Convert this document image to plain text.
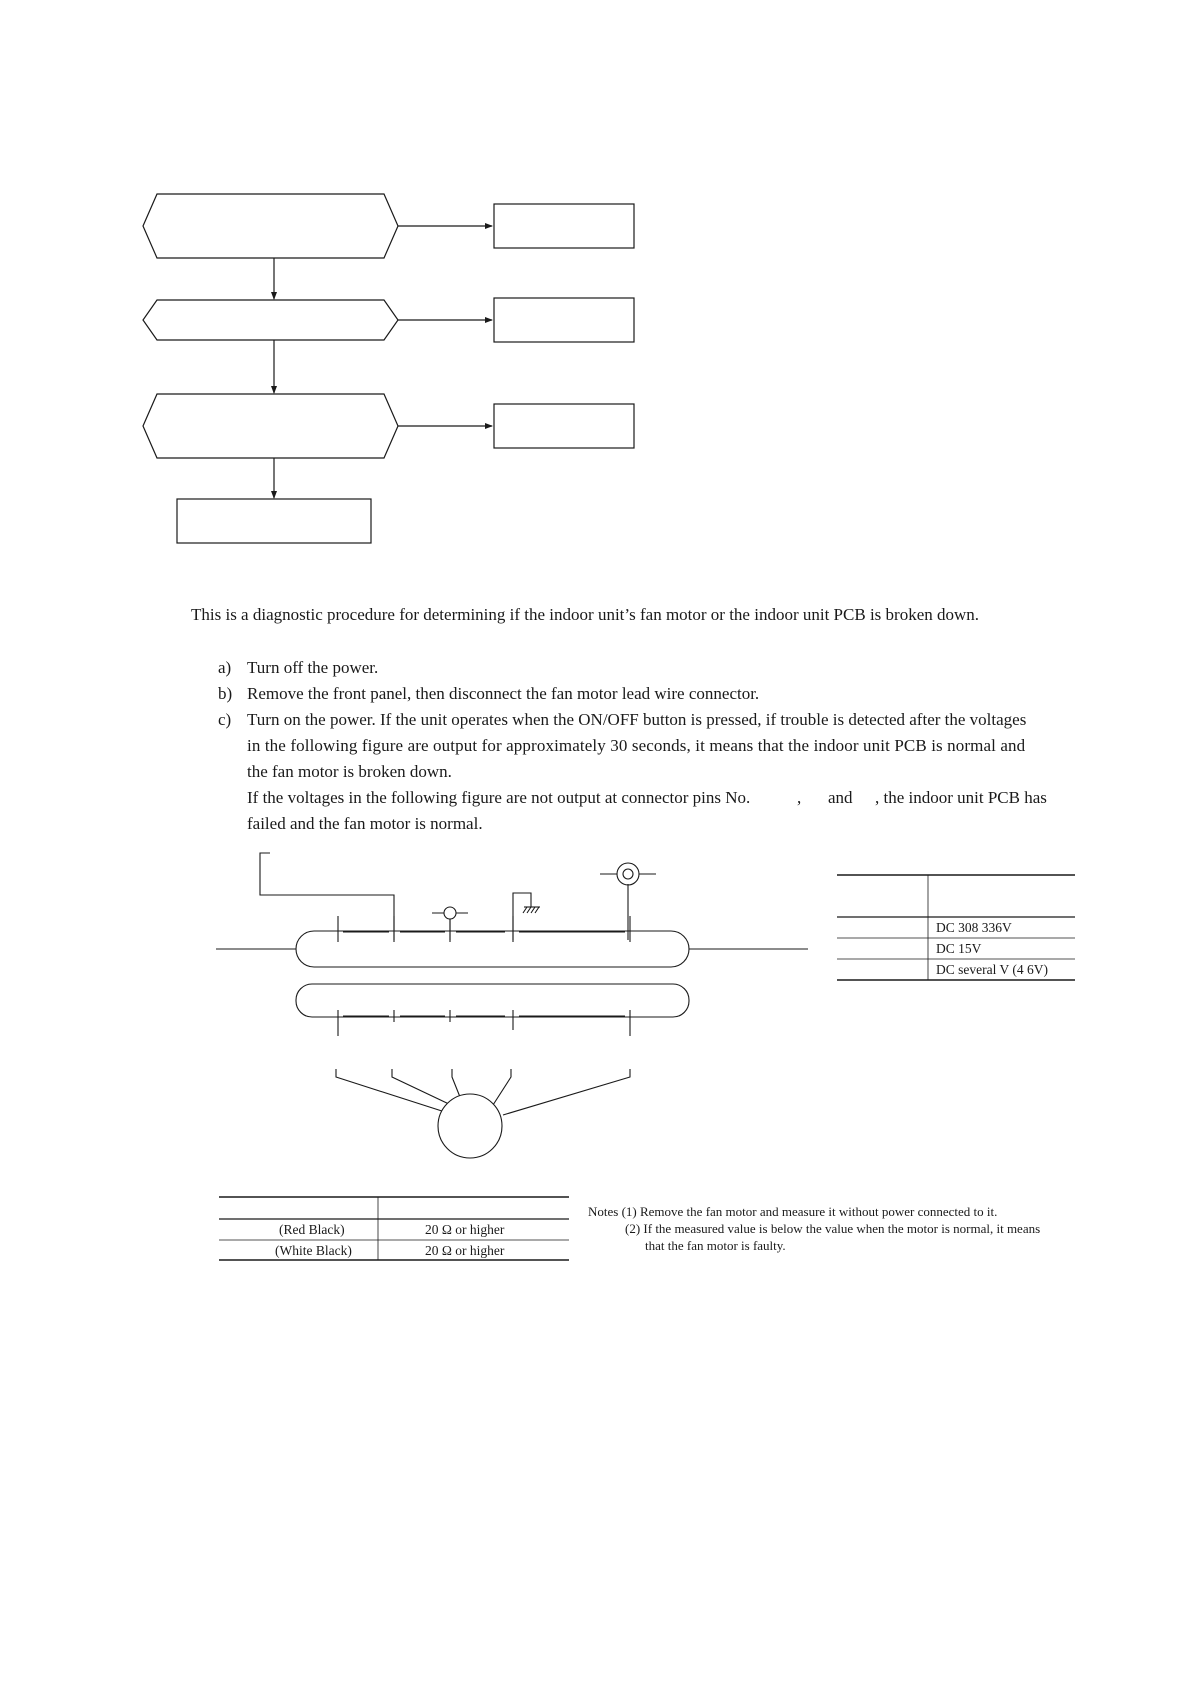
This is a diagnostic procedure for determining if the indoor unit’s fan motor or the indoor unit PCB is broken down.
a) Turn off the power.
b) Remove the front panel, then disconnect the fan motor lead wire connector.
c) Turn on the power. If the unit operates when the ON/OFF button is pressed, if trouble is detected after the voltages
in the following figure are output for approximately 30 seconds, it means that the indoor unit PCB is normal and
the fan motor is broken down.
If the voltages in the following figure are not output at connector pins No.	, and , the indoor unit PCB has
failed and the fan motor is normal.
DC 308 336V
DC 15V
DC several V (4 6V)
(Red Black)	20 Ω or higher
(White Black)	20 Ω or higher
Notes (1) Remove the fan motor and measure it without power connected to it.
(2) If the measured value is below the value when the motor is normal, it means
that the fan motor is faulty.
